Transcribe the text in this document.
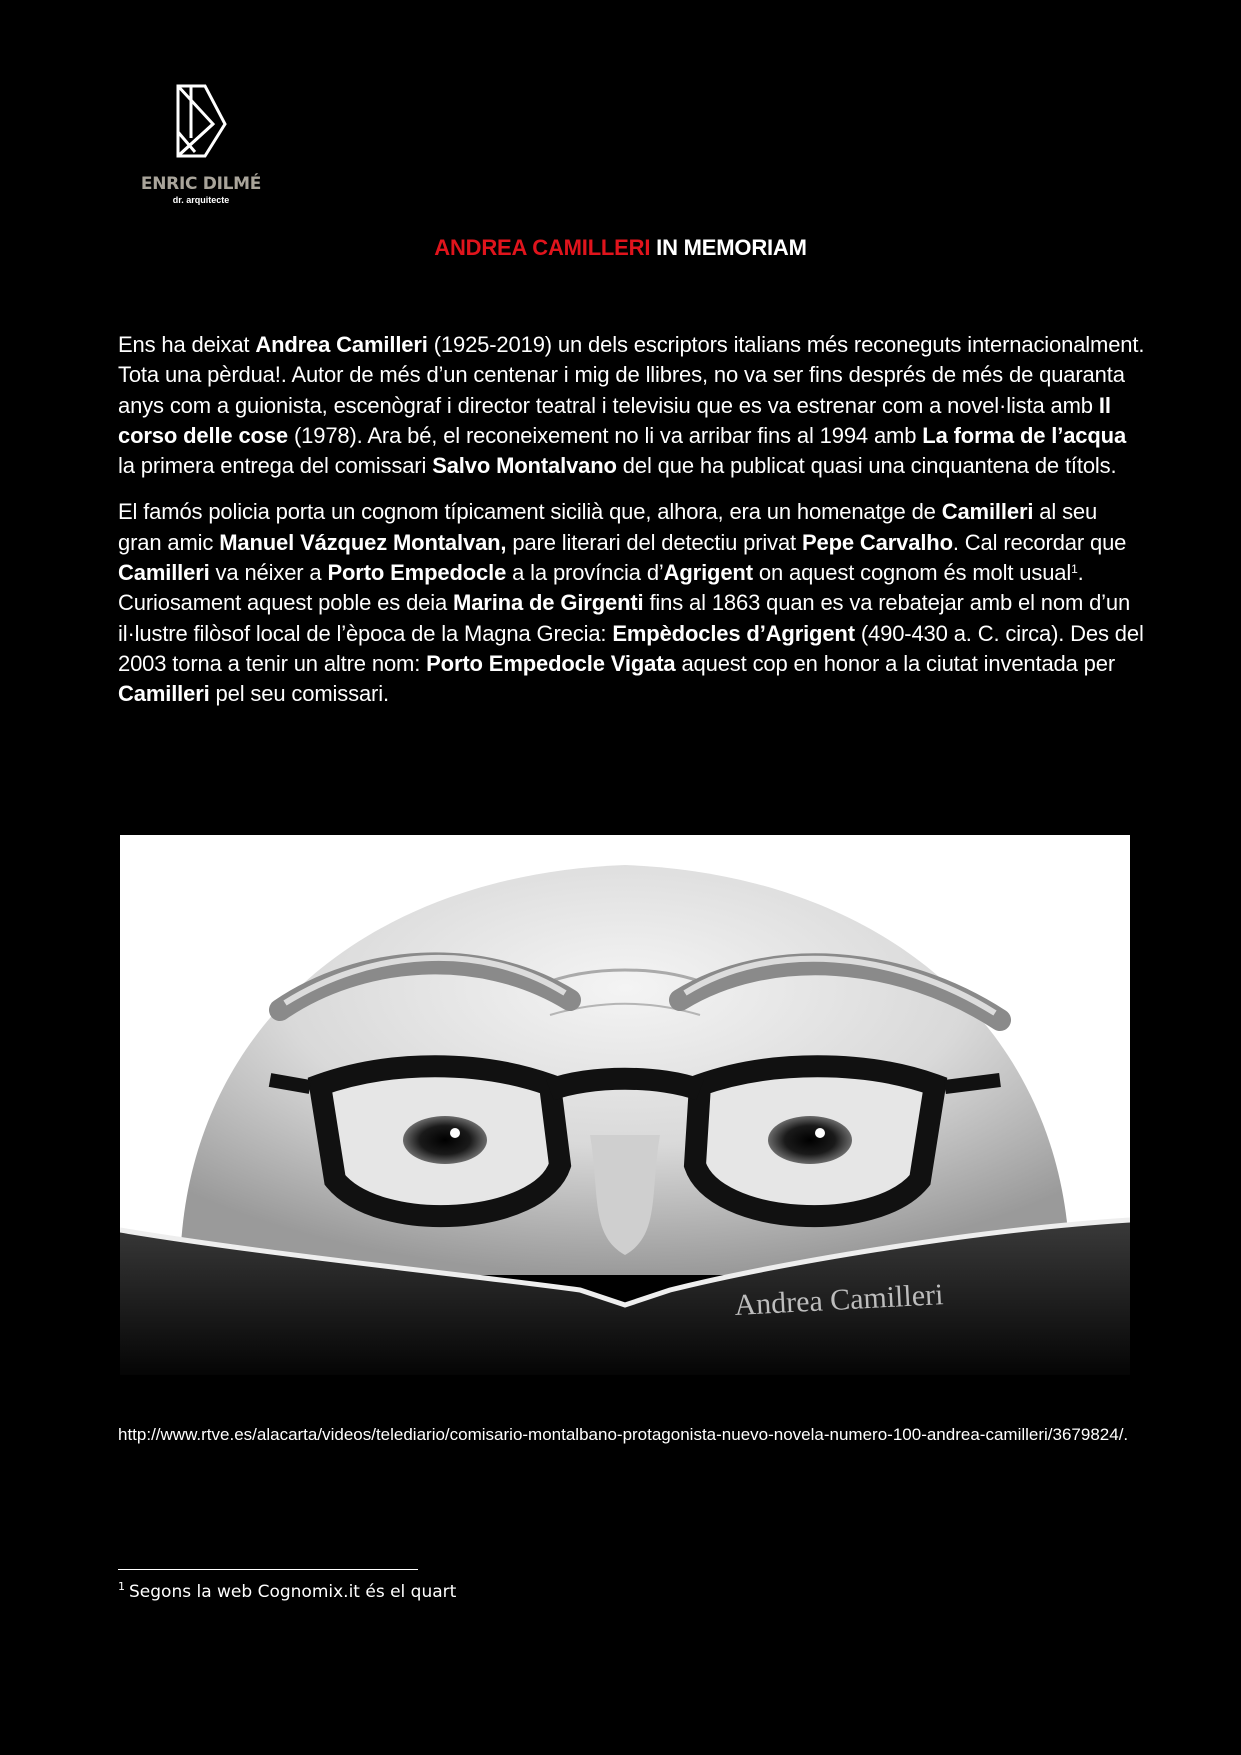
ENRIC DILMÉ
dr. arquitecte
ANDREA CAMILLERI IN MEMORIAM

Ens ha deixat Andrea Camilleri (1925-2019) un dels escriptors italians més reconeguts internacionalment. Tota una pèrdua!. Autor de més d’un centenar i mig de llibres, no va ser fins després de més de quaranta anys com a guionista, escenògraf i director teatral i televisiu que es va estrenar com a novel·lista amb Il corso delle cose (1978). Ara bé, el reconeixement no li va arribar fins al 1994 amb La forma de l’acqua la primera entrega del comissari Salvo Montalvano del que ha publicat quasi una cinquantena de títols.

El famós policia porta un cognom típicament sicilià que, alhora, era un homenatge de Camilleri al seu gran amic Manuel Vázquez Montalvan, pare literari del detectiu privat Pepe Carvalho. Cal recordar que Camilleri va néixer a Porto Empedocle a la província d’Agrigent on aquest cognom és molt usual$^1$. Curiosament aquest poble es deia Marina de Girgenti fins al 1863 quan es va rebatejar amb el nom d’un il·lustre filòsof local de l’època de la Magna Grecia: Empèdocles d’Agrigent (490-430 a. C. circa). Des del 2003 torna a tenir un altre nom: Porto Empedocle Vigata aquest cop en honor a la ciutat inventada per Camilleri pel seu comissari.

Andrea Camilleri
http://www.rtve.es/alacarta/videos/telediario/comisario-montalbano-protagonista-nuevo-novela-numero-100-andrea-camilleri/3679824/.
$^1$ Segons la web Cognomix.it és el quart
